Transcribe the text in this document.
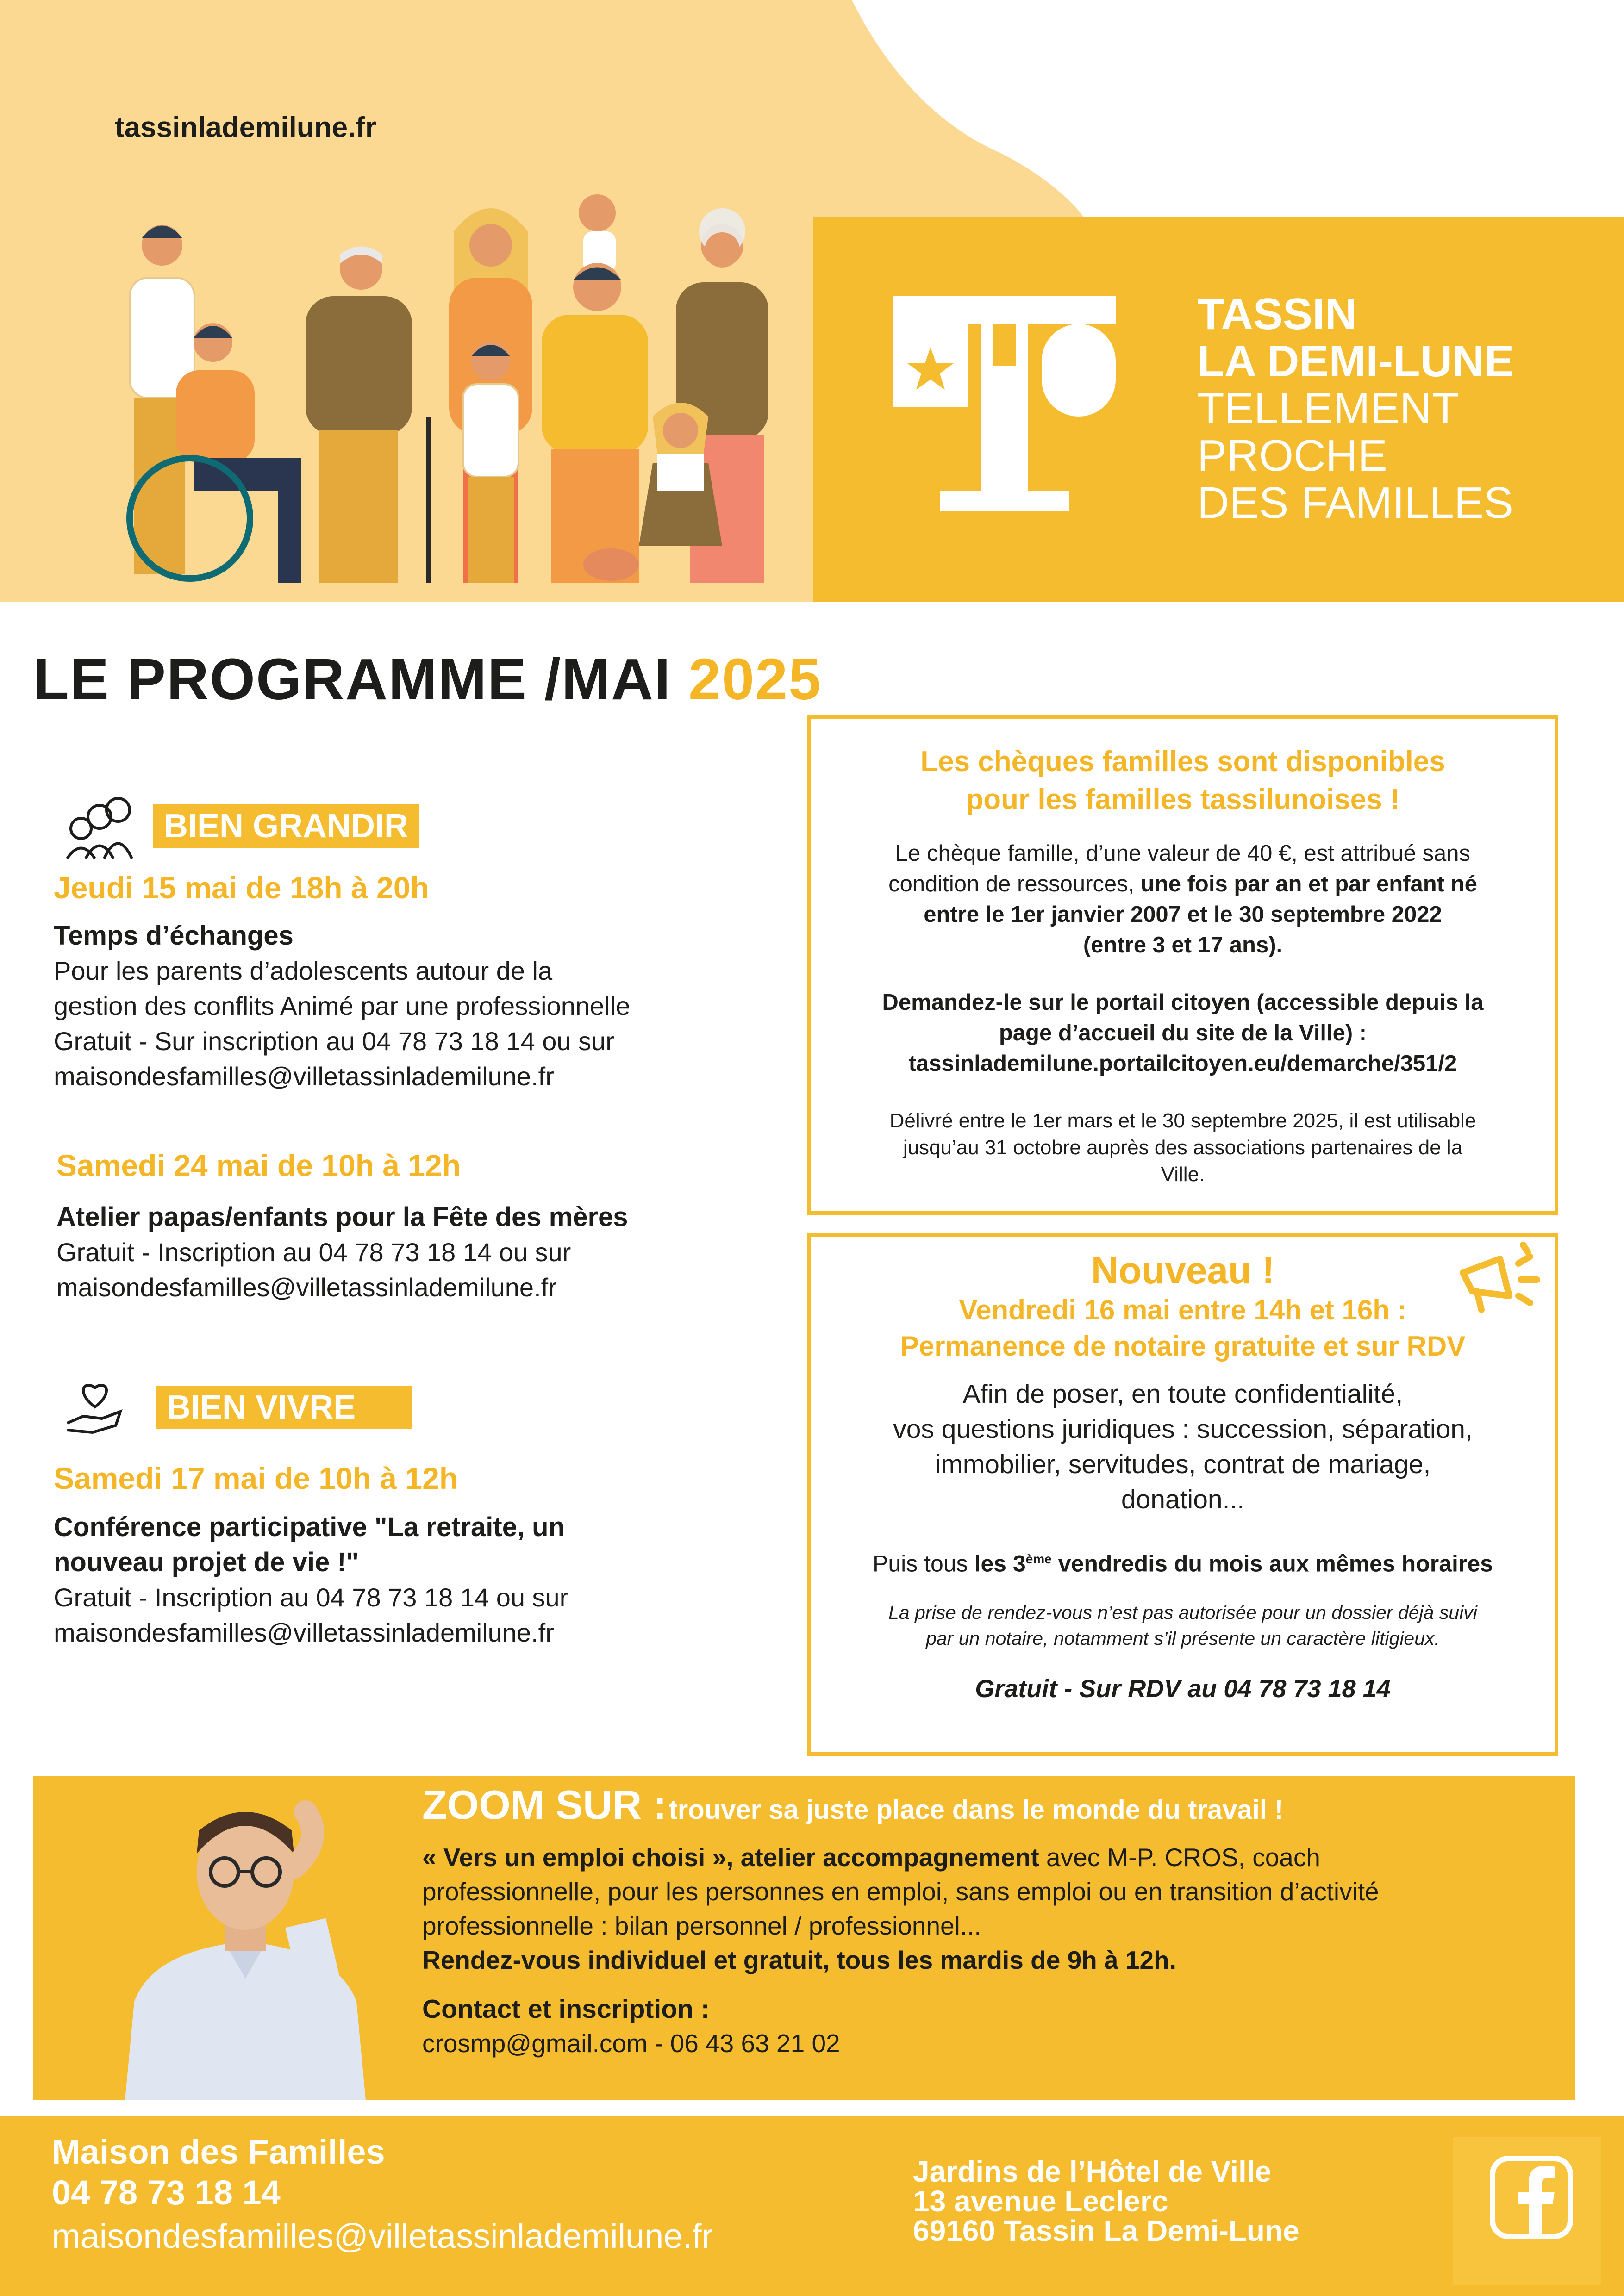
tassinlademilune.fr
TASSIN
LA DEMI-LUNE
TELLEMENT
PROCHE
DES FAMILLES
LE PROGRAMME /MAI 2025
BIEN GRANDIR
Jeudi 15 mai de 18h à 20h
Temps d’échanges
Pour les parents d’adolescents autour de la
gestion des conflits Animé par une professionnelle
Gratuit - Sur inscription au 04 78 73 18 14 ou sur
maisondesfamilles@villetassinlademilune.fr
Samedi 24 mai de 10h à 12h
Atelier papas/enfants pour la Fête des mères
Gratuit - Inscription au 04 78 73 18 14 ou sur
maisondesfamilles@villetassinlademilune.fr
BIEN VIVRE
Samedi 17 mai de 10h à 12h
Conférence participative "La retraite, un
nouveau projet de vie !"
Gratuit - Inscription au 04 78 73 18 14 ou sur
maisondesfamilles@villetassinlademilune.fr
Les chèques familles sont disponibles
pour les familles tassilunoises !
Le chèque famille, d’une valeur de 40 €, est attribué sans
condition de ressources, une fois par an et par enfant né
entre le 1er janvier 2007 et le 30 septembre 2022
(entre 3 et 17 ans).
Demandez-le sur le portail citoyen (accessible depuis la
page d’accueil du site de la Ville) :
tassinlademilune.portailcitoyen.eu/demarche/351/2
Délivré entre le 1er mars et le 30 septembre 2025, il est utilisable
jusqu’au 31 octobre auprès des associations partenaires de la
Ville.
Nouveau !
Vendredi 16 mai entre 14h et 16h :
Permanence de notaire gratuite et sur RDV
Afin de poser, en toute confidentialité,
vos questions juridiques : succession, séparation,
immobilier, servitudes, contrat de mariage,
donation...
Puis tous les 3ème vendredis du mois aux mêmes horaires
La prise de rendez-vous n’est pas autorisée pour un dossier déjà suivi
par un notaire, notamment s’il présente un caractère litigieux.
Gratuit - Sur RDV au 04 78 73 18 14
ZOOM SUR : trouver sa juste place dans le monde du travail !
« Vers un emploi choisi », atelier accompagnement avec M-P. CROS, coach
professionnelle, pour les personnes en emploi, sans emploi ou en transition d’activité
professionnelle : bilan personnel / professionnel...
Rendez-vous individuel et gratuit, tous les mardis de 9h à 12h.
Contact et inscription :
crosmp@gmail.com - 06 43 63 21 02
Maison des Familles
04 78 73 18 14
maisondesfamilles@villetassinlademilune.fr
Jardins de l’Hôtel de Ville
13 avenue Leclerc
69160 Tassin La Demi-Lune
